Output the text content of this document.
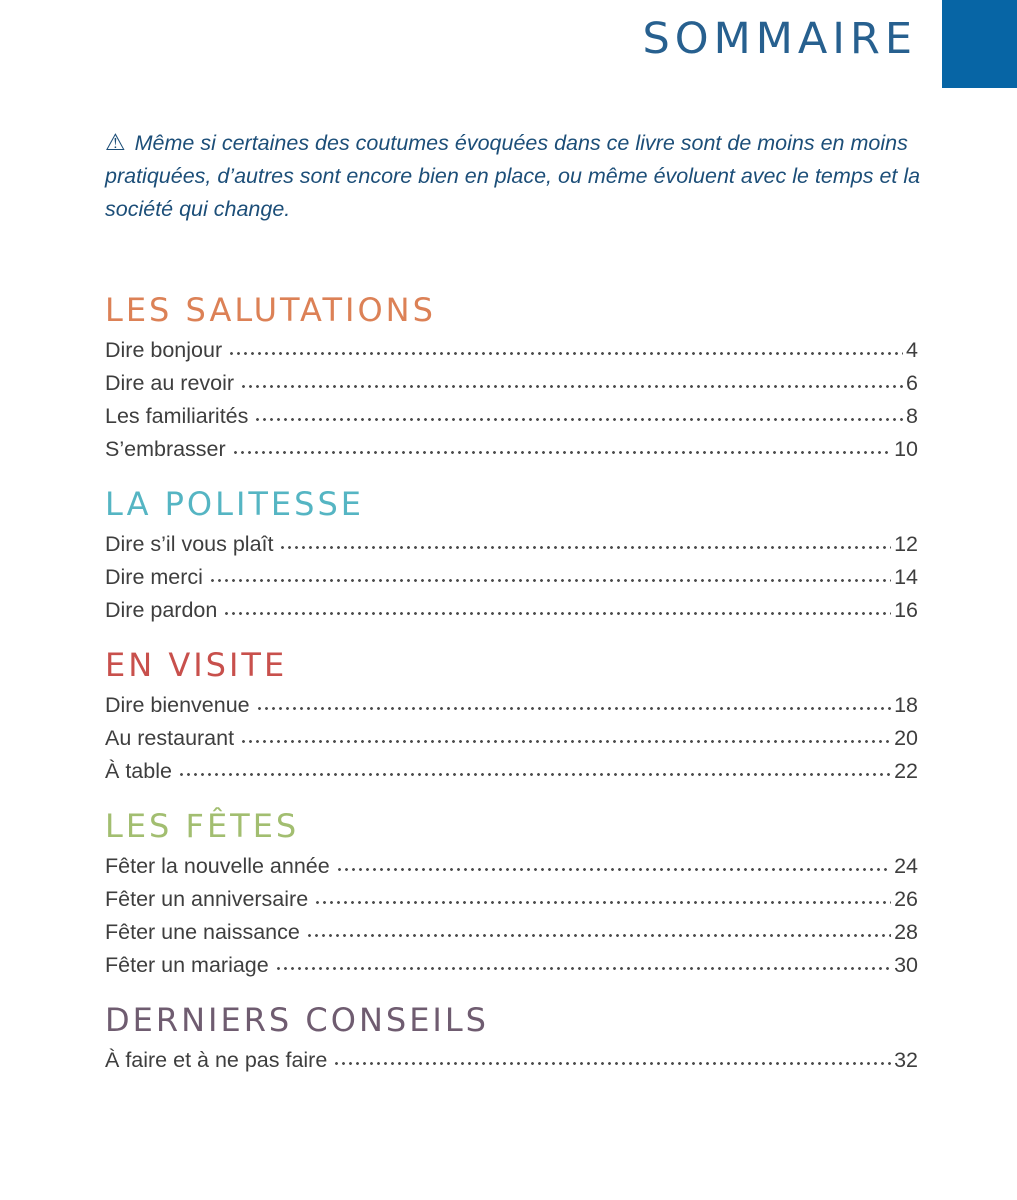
SOMMAIRE
⚠ Même si certaines des coutumes évoquées dans ce livre sont de moins en moins pratiquées, d’autres sont encore bien en place, ou même évoluent avec le temps et la société qui change.
LES SALUTATIONS
Dire bonjour	4
Dire au revoir	6
Les familiarités	8
S’embrasser	10
LA POLITESSE
Dire s’il vous plaît	12
Dire merci	14
Dire pardon	16
EN VISITE
Dire bienvenue	18
Au restaurant	20
À table	22
LES FÊTES
Fêter la nouvelle année	24
Fêter un anniversaire	26
Fêter une naissance	28
Fêter un mariage	30
DERNIERS CONSEILS
À faire et à ne pas faire	32
